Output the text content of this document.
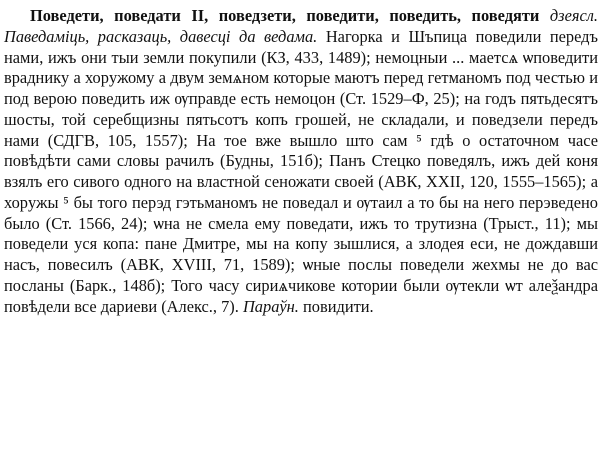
Поведети, поведати II, поведзети, поведити, поведить, поведяти дзеясл. Паведаміць, расказаць, давесці да ведама. Нагорка и Шъпица поведили передъ нами, ижъ они тыи земли покупили (КЗ, 433, 1489); немоцныи ... маетсѧ ѡповедити врадникy а хорyжомy а двум земѧном которые маютъ перед гетманомъ под честью и под верою поведить иж ѹправде есть немоцон (Ст. 1529–Ф, 25); на годъ пятьдесятъ шосты, той серебщизны пятьсотъ копъ грошей, не складали, и поведзели передъ нами (СДГВ, 105, 1557); На тое вже вышло што сам ⁵ гдѣ о остаточном часе повѣдѣти сами словы рачилъ (Будны, 151б); Панъ Стецко поведялъ, ижъ дей коня взялъ его сивого одного на властной сеножати своей (АВК, XXII, 120, 1555–1565); а хорyжы ⁵ бы того перэд гэтьманомъ не поведал и ѹтаил а то бы на него перэведено было (Ст. 1566, 24); ѡна не смела ему поведати, ижъ то трутизна (Трыст., 11); мы поведели уся копа: пане Дмитре, мы на копу зышлися, а злодея еси, не дождавши насъ, повесилъ (АВК, XVIII, 71, 1589); ѡные послы поведели жехмы не до вас посланы (Барк., 148б); Того часу сириѧчиковe котории были ѹтекли ѡт алеѯандра повѣдели все дариеви (Алекс., 7). Параўн. повидити.
